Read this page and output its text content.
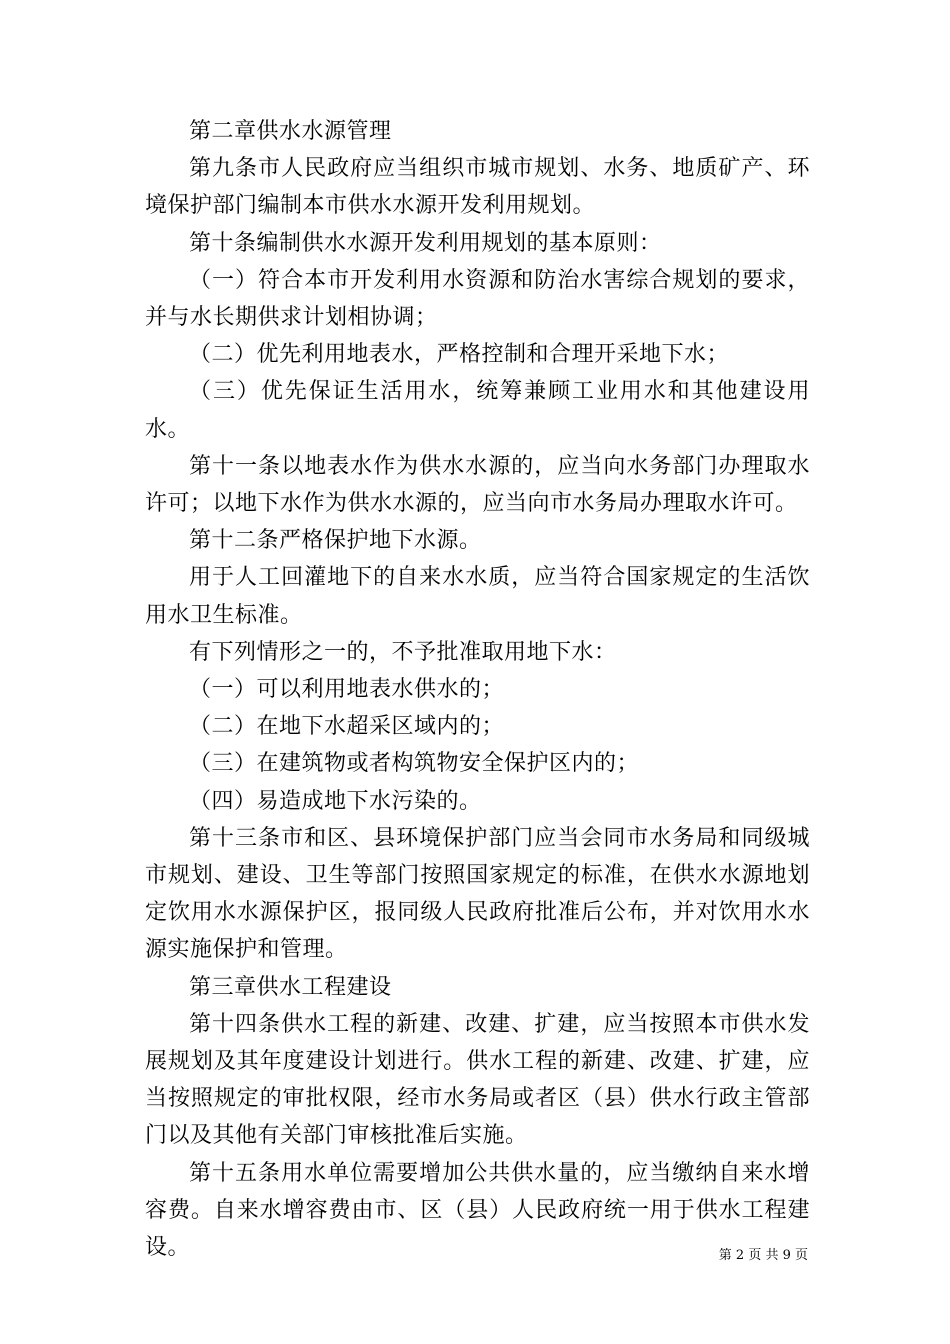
第二章供水水源管理

第九条市人民政府应当组织市城市规划、水务、地质矿产、环境保护部门编制本市供水水源开发利用规划。

第十条编制供水水源开发利用规划的基本原则：

（一）符合本市开发利用水资源和防治水害综合规划的要求，并与水长期供求计划相协调；

（二）优先利用地表水，严格控制和合理开采地下水；

（三）优先保证生活用水，统筹兼顾工业用水和其他建设用水。

第十一条以地表水作为供水水源的，应当向水务部门办理取水许可；以地下水作为供水水源的，应当向市水务局办理取水许可。

第十二条严格保护地下水源。

用于人工回灌地下的自来水水质，应当符合国家规定的生活饮用水卫生标准。

有下列情形之一的，不予批准取用地下水：

（一）可以利用地表水供水的；

（二）在地下水超采区域内的；

（三）在建筑物或者构筑物安全保护区内的；

（四）易造成地下水污染的。

第十三条市和区、县环境保护部门应当会同市水务局和同级城市规划、建设、卫生等部门按照国家规定的标准，在供水水源地划定饮用水水源保护区，报同级人民政府批准后公布，并对饮用水水源实施保护和管理。

第三章供水工程建设

第十四条供水工程的新建、改建、扩建，应当按照本市供水发展规划及其年度建设计划进行。供水工程的新建、改建、扩建，应当按照规定的审批权限，经市水务局或者区（县）供水行政主管部门以及其他有关部门审核批准后实施。

第十五条用水单位需要增加公共供水量的，应当缴纳自来水增容费。自来水增容费由市、区（县）人民政府统一用于供水工程建设。	第 2 页 共 9 页
